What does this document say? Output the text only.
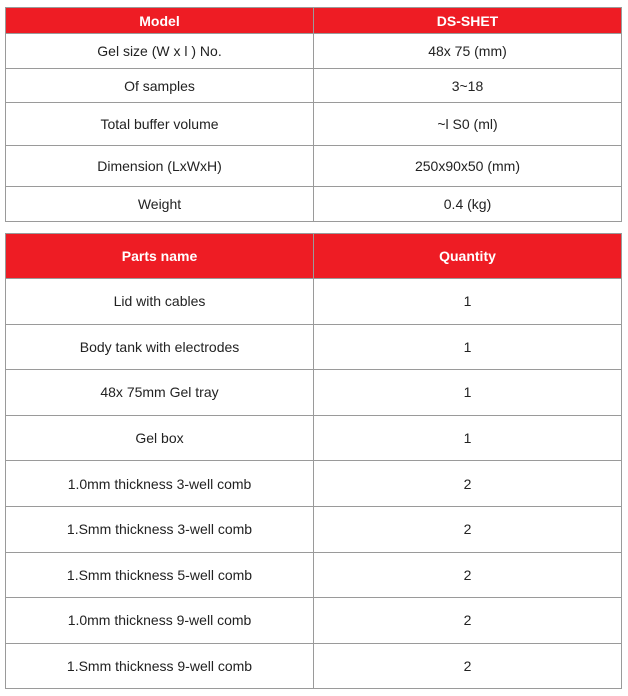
Model	DS-SHET
Gel size (W x l ) No.	48x 75 (mm)
Of samples	3~18
Total buffer volume	~l S0 (ml)
Dimension (LxWxH)	250x90x50 (mm)
Weight	0.4 (kg)
Parts name	Quantity
Lid with cables	1
Body tank with electrodes	1
48x 75mm Gel tray	1
Gel box	1
1.0mm thickness 3-well comb	2
1.Smm thickness 3-well comb	2
1.Smm thickness 5-well comb	2
1.0mm thickness 9-well comb	2
1.Smm thickness 9-well comb	2
